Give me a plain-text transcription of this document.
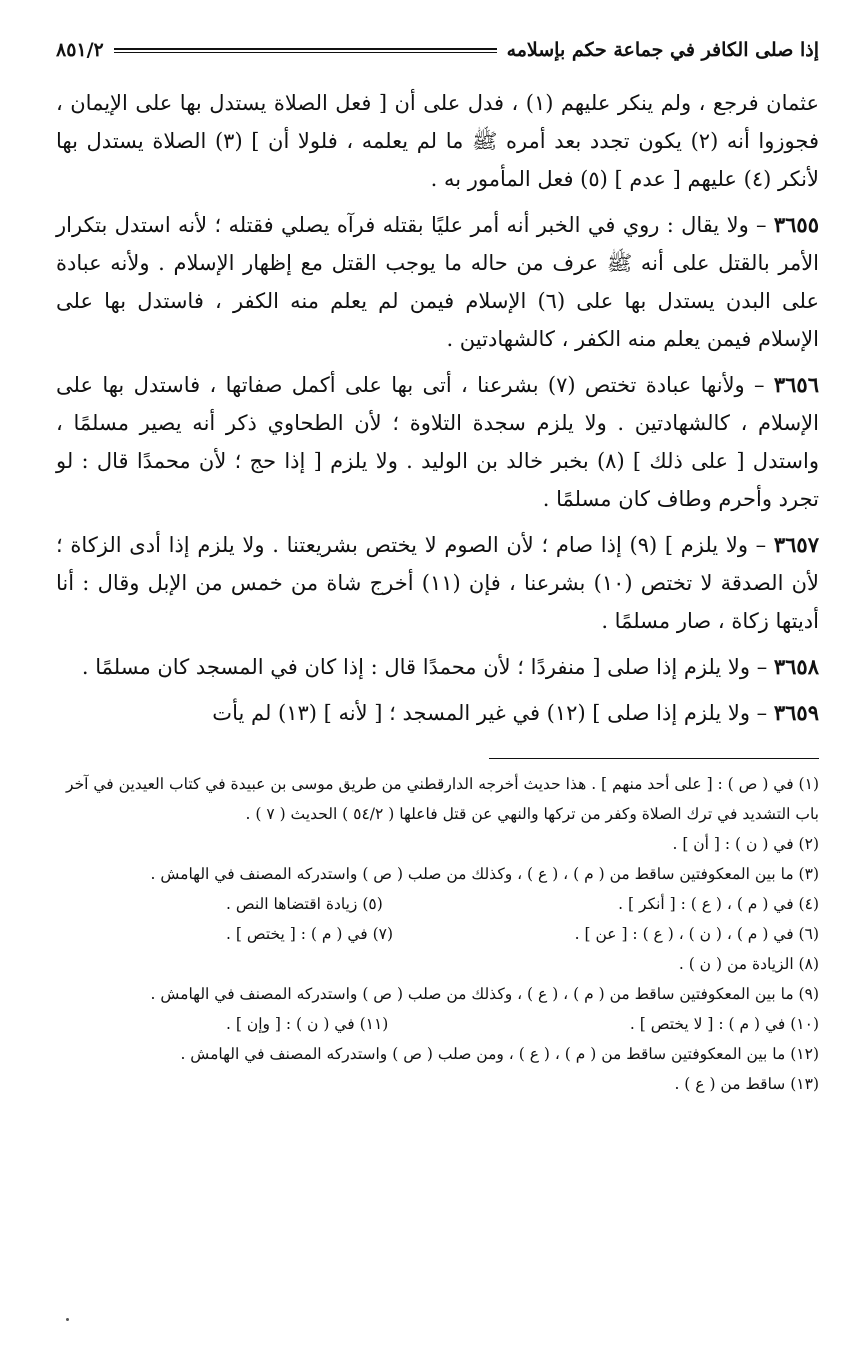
إذا صلى الكافر في جماعة حكم بإسلامه
٨٥١/٢

عثمان فرجع ، ولم ينكر عليهم (١) ، فدل على أن [ فعل الصلاة يستدل بها على الإيمان ، فجوزوا أنه (٢) يكون تجدد بعد أمره ﷺ ما لم يعلمه ، فلولا أن ] (٣) الصلاة يستدل بها لأنكر (٤) عليهم [ عدم ] (٥) فعل المأمور به .

٣٦٥٥ – ولا يقال : روي في الخبر أنه أمر عليًا بقتله فرآه يصلي فقتله ؛ لأنه استدل بتكرار الأمر بالقتل على أنه ﷺ عرف من حاله ما يوجب القتل مع إظهار الإسلام . ولأنه عبادة على البدن يستدل بها على (٦) الإسلام فيمن لم يعلم منه الكفر ، فاستدل بها على الإسلام فيمن يعلم منه الكفر ، كالشهادتين .

٣٦٥٦ – ولأنها عبادة تختص (٧) بشرعنا ، أتى بها على أكمل صفاتها ، فاستدل بها على الإسلام ، كالشهادتين . ولا يلزم سجدة التلاوة ؛ لأن الطحاوي ذكر أنه يصير مسلمًا ، واستدل [ على ذلك ] (٨) بخبر خالد بن الوليد . ولا يلزم [ إذا حج ؛ لأن محمدًا قال : لو تجرد وأحرم وطاف كان مسلمًا .

٣٦٥٧ – ولا يلزم ] (٩) إذا صام ؛ لأن الصوم لا يختص بشريعتنا . ولا يلزم إذا أدى الزكاة ؛ لأن الصدقة لا تختص (١٠) بشرعنا ، فإن (١١) أخرج شاة من خمس من الإبل وقال : أنا أديتها زكاة ، صار مسلمًا .

٣٦٥٨ – ولا يلزم إذا صلى [ منفردًا ؛ لأن محمدًا قال : إذا كان في المسجد كان مسلمًا .

٣٦٥٩ – ولا يلزم إذا صلى ] (١٢) في غير المسجد ؛ [ لأنه ] (١٣) لم يأت

(١) في ( ص ) : [ على أحد منهم ] . هذا حديث أخرجه الدارقطني من طريق موسى بن عبيدة في كتاب العيدين في آخر باب التشديد في ترك الصلاة وكفر من تركها والنهي عن قتل فاعلها ( ٥٤/٢ ) الحديث ( ٧ ) .

(٢) في ( ن ) : [ أن ] .

(٣) ما بين المعكوفتين ساقط من ( م ) ، ( ع ) ، وكذلك من صلب ( ص ) واستدركه المصنف في الهامش .

(٤) في ( م ) ، ( ع ) : [ أنكر ] .
(٥) زيادة اقتضاها النص .
(٦) في ( م ) ، ( ن ) ، ( ع ) : [ عن ] .
(٧) في ( م ) : [ يختص ] .

(٨) الزيادة من ( ن ) .

(٩) ما بين المعكوفتين ساقط من ( م ) ، ( ع ) ، وكذلك من صلب ( ص ) واستدركه المصنف في الهامش .

(١٠) في ( م ) : [ لا يختص ] .
(١١) في ( ن ) : [ وإن ] .

(١٢) ما بين المعكوفتين ساقط من ( م ) ، ( ع ) ، ومن صلب ( ص ) واستدركه المصنف في الهامش .

(١٣) ساقط من ( ع ) .
